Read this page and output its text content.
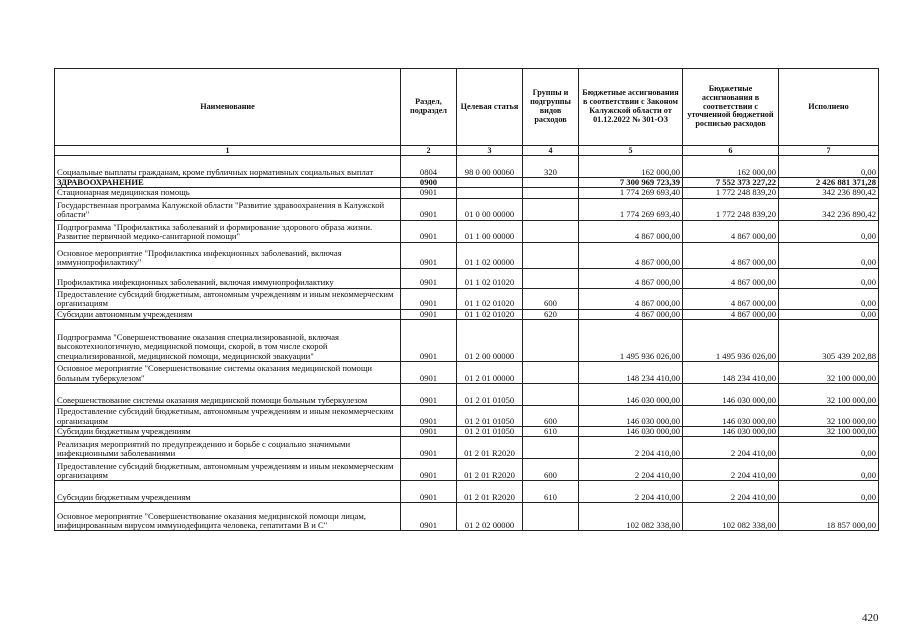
Наименование	Раздел, подраздел	Целевая статья	Группы и подгруппы видов расходов	Бюджетные ассигнования в соответствии с Законом Калужской области от 01.12.2022 № 301-ОЗ	Бюджетные ассигнования в соответствии с уточненной бюджетной росписью расходов	Исполнено
1	2	3	4	5	6	7
Социальные выплаты гражданам, кроме публичных нормативных социальных выплат	0804	98 0 00 00060	320	162 000,00	162 000,00	0,00
ЗДРАВООХРАНЕНИЕ	0900			7 300 969 723,39	7 552 373 227,22	2 426 881 371,28
Стационарная медицинская помощь	0901			1 774 269 693,40	1 772 248 839,20	342 236 890,42
Государственная программа Калужской области "Развитие здравоохранения в Калужской области"	0901	01 0 00 00000		1 774 269 693,40	1 772 248 839,20	342 236 890,42
Подпрограмма "Профилактика заболеваний и формирование здорового образа жизни. Развитие первичной медико-санитарной помощи"	0901	01 1 00 00000		4 867 000,00	4 867 000,00	0,00
Основное мероприятие "Профилактика инфекционных заболеваний, включая иммунопрофилактику"	0901	01 1 02 00000		4 867 000,00	4 867 000,00	0,00
Профилактика инфекционных заболеваний, включая иммунопрофилактику	0901	01 1 02 01020		4 867 000,00	4 867 000,00	0,00
Предоставление субсидий бюджетным, автономным учреждениям и иным некоммерческим организациям	0901	01 1 02 01020	600	4 867 000,00	4 867 000,00	0,00
Субсидии автономным учреждениям	0901	01 1 02 01020	620	4 867 000,00	4 867 000,00	0,00
Подпрограмма "Совершенствование оказания специализированной, включая высокотехнологичную, медицинской помощи, скорой, в том числе скорой специализированной, медицинской помощи, медицинской эвакуации"	0901	01 2 00 00000		1 495 936 026,00	1 495 936 026,00	305 439 202,88
Основное мероприятие "Совершенствование системы оказания медицинской помощи больным туберкулезом"	0901	01 2 01 00000		148 234 410,00	148 234 410,00	32 100 000,00
Совершенствование системы оказания медицинской помощи больным туберкулезом	0901	01 2 01 01050		146 030 000,00	146 030 000,00	32 100 000,00
Предоставление субсидий бюджетным, автономным учреждениям и иным некоммерческим организациям	0901	01 2 01 01050	600	146 030 000,00	146 030 000,00	32 100 000,00
Субсидии бюджетным учреждениям	0901	01 2 01 01050	610	146 030 000,00	146 030 000,00	32 100 000,00
Реализация мероприятий по предупреждению и борьбе с социально значимыми инфекционными заболеваниями	0901	01 2 01 R2020		2 204 410,00	2 204 410,00	0,00
Предоставление субсидий бюджетным, автономным учреждениям и иным некоммерческим организациям	0901	01 2 01 R2020	600	2 204 410,00	2 204 410,00	0,00
Субсидии бюджетным учреждениям	0901	01 2 01 R2020	610	2 204 410,00	2 204 410,00	0,00
Основное мероприятие "Совершенствование оказания медицинской помощи лицам, инфицированным вирусом иммунодефицита человека, гепатитами B и C"	0901	01 2 02 00000		102 082 338,00	102 082 338,00	18 857 000,00
420
